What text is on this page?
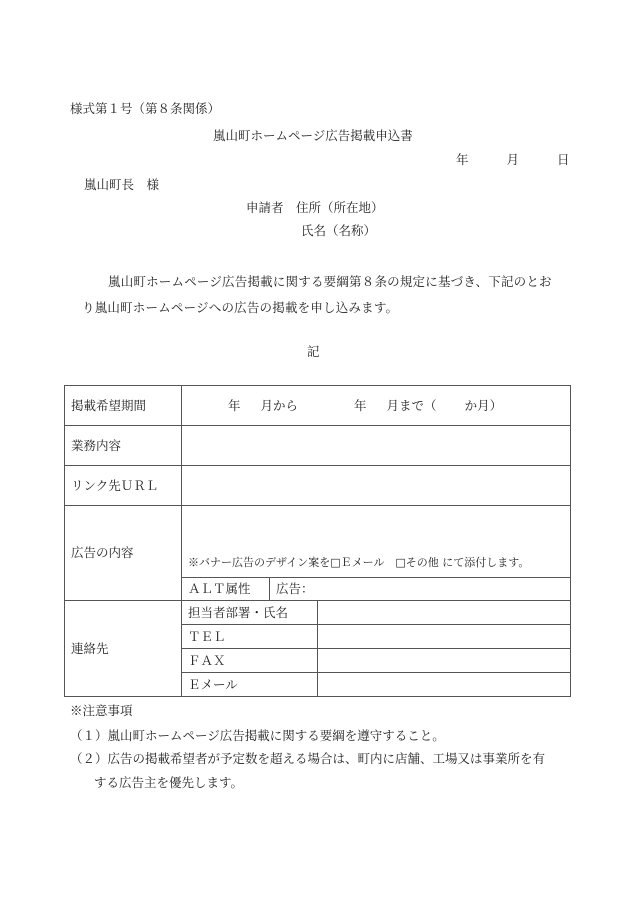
様式第１号（第８条関係）
嵐山町ホームページ広告掲載申込書
年	月	日
嵐山町長　様
申請者　住所（所在地）
氏名（名称）
嵐山町ホームページ広告掲載に関する要綱第８条の規定に基づき、下記のとおり嵐山町ホームページへの広告の掲載を申し込みます。
記
掲載希望期間	年 月から 年 月まで（ か月）		
業務内容			
リンク先ＵＲＬ			
広告の内容	※バナー広告のデザイン案を□Ｅメール　□その他 にて添付します。		
	ＡＬＴ属性	広告：	
連絡先	担当者部署・氏名		
	ＴＥＬ		
	ＦＡＸ		
	Ｅメール		
※注意事項
（１）嵐山町ホームページ広告掲載に関する要綱を遵守すること。
（２）広告の掲載希望者が予定数を超える場合は、町内に店舗、工場又は事業所を有
する広告主を優先します。
